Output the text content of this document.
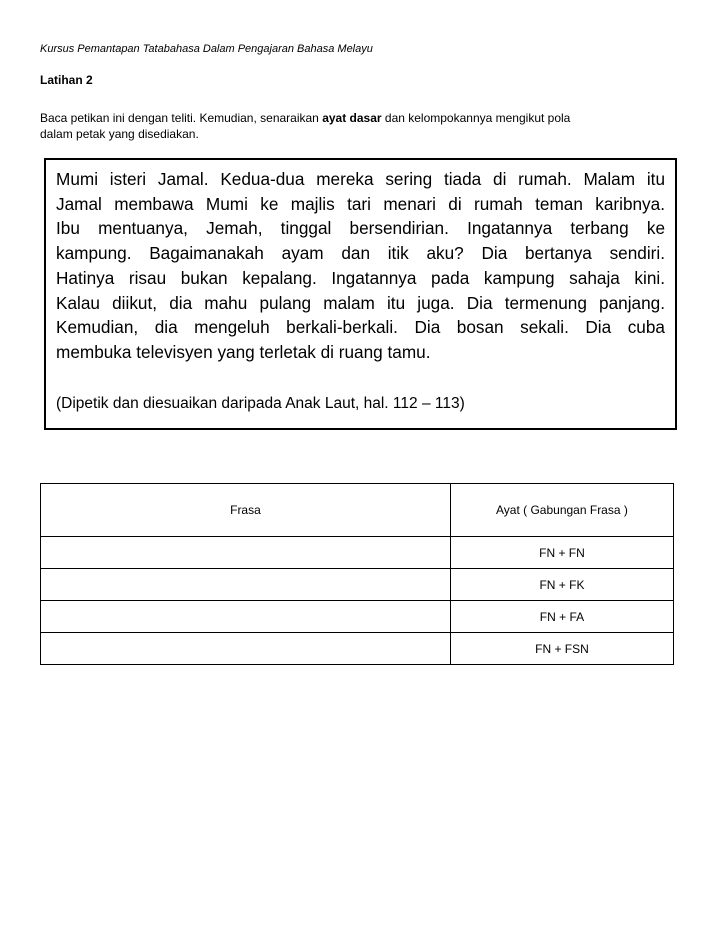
Kursus Pemantapan Tatabahasa Dalam Pengajaran Bahasa Melayu
Latihan 2
Baca petikan ini dengan teliti. Kemudian, senaraikan ayat dasar dan kelompokannya mengikut pola
dalam petak yang disediakan.
Mumi isteri Jamal. Kedua-dua mereka sering tiada di rumah. Malam itu
Jamal membawa Mumi ke majlis tari menari di rumah teman karibnya.
Ibu mentuanya, Jemah, tinggal bersendirian. Ingatannya terbang ke
kampung. Bagaimanakah ayam dan itik aku? Dia bertanya sendiri.
Hatinya risau bukan kepalang. Ingatannya pada kampung sahaja kini.
Kalau diikut, dia mahu pulang malam itu juga. Dia termenung panjang.
Kemudian, dia mengeluh berkali-berkali. Dia bosan sekali. Dia cuba
membuka televisyen yang terletak di ruang tamu.
(Dipetik dan diesuaikan daripada Anak Laut, hal. 112 – 113)
Frasa	Ayat ( Gabungan Frasa )
	FN + FN
	FN + FK
	FN + FA
	FN + FSN
